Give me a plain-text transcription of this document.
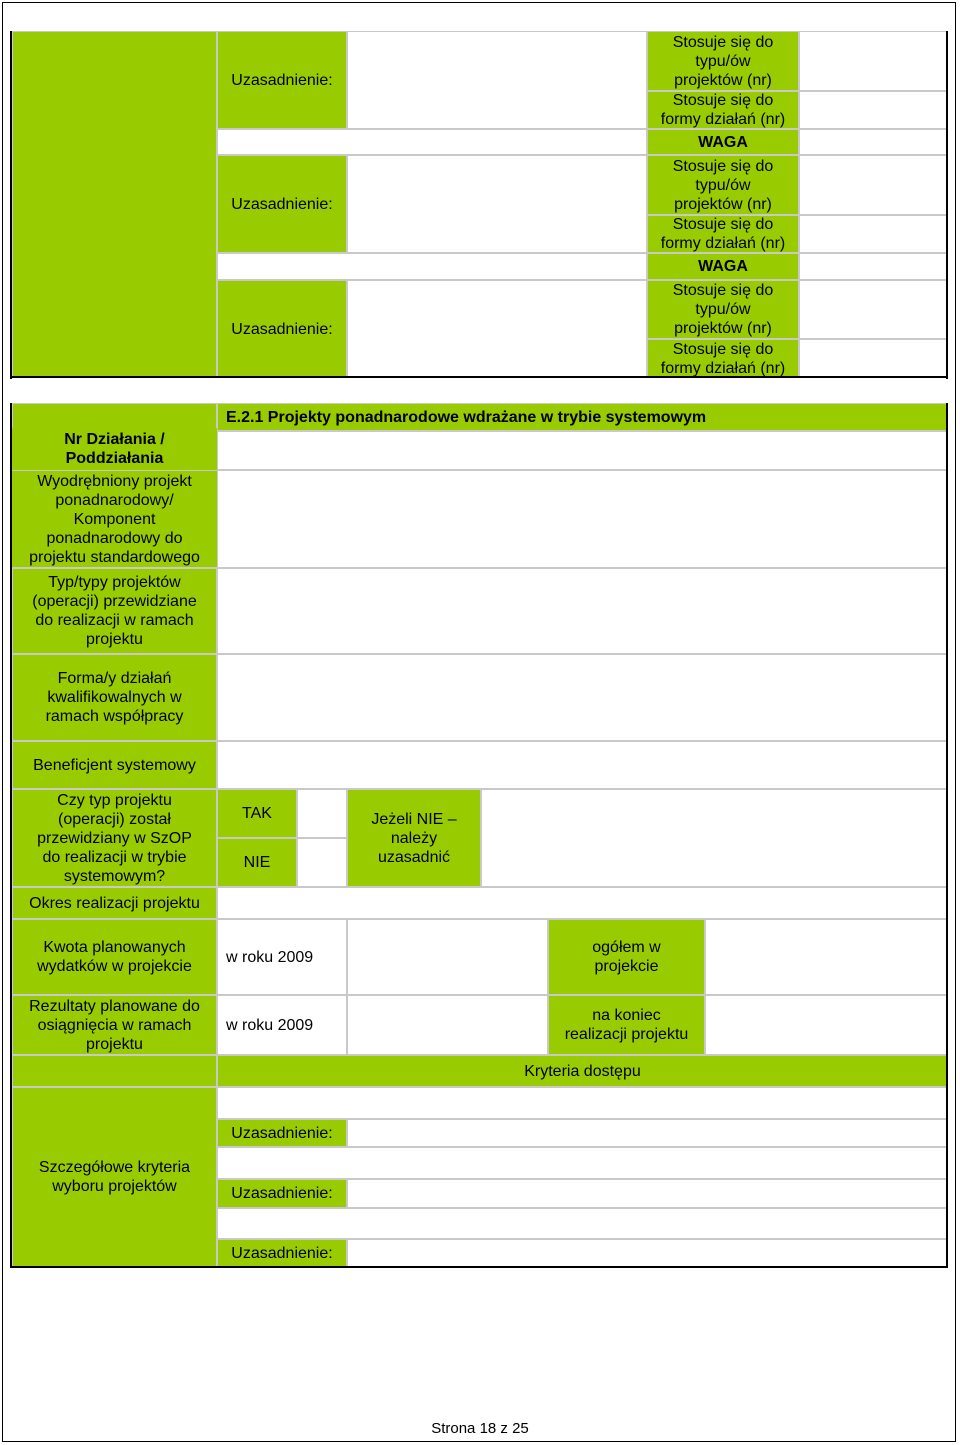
Uzasadnienie:
Stosuje się do
typu/ów
projektów (nr)
Stosuje się do
formy działań (nr)
WAGA
Uzasadnienie:
Stosuje się do
typu/ów
projektów (nr)
Stosuje się do
formy działań (nr)
WAGA
Uzasadnienie:
Stosuje się do
typu/ów
projektów (nr)
Stosuje się do
formy działań (nr)
Nr Działania /
Poddziałania
Wyodrębniony projekt
ponadnarodowy/
Komponent
ponadnarodowy do
projektu standardowego
Typ/typy projektów
(operacji) przewidziane
do realizacji w ramach
projektu
Forma/y działań
kwalifikowalnych w
ramach współpracy
Beneficjent systemowy
Czy typ projektu
(operacji) został
przewidziany w SzOP
do realizacji w trybie
systemowym?
Okres realizacji projektu
Kwota planowanych
wydatków w projekcie
Rezultaty planowane do
osiągnięcia w ramach
projektu
Szczegółowe kryteria
wyboru projektów
E.2.1 Projekty ponadnarodowe wdrażane w trybie systemowym
TAK
NIE
Jeżeli NIE –
należy
uzasadnić
w roku 2009
ogółem w
projekcie
w roku 2009
na koniec
realizacji projektu
Kryteria dostępu
Uzasadnienie:
Uzasadnienie:
Uzasadnienie:
Strona 18 z 25
